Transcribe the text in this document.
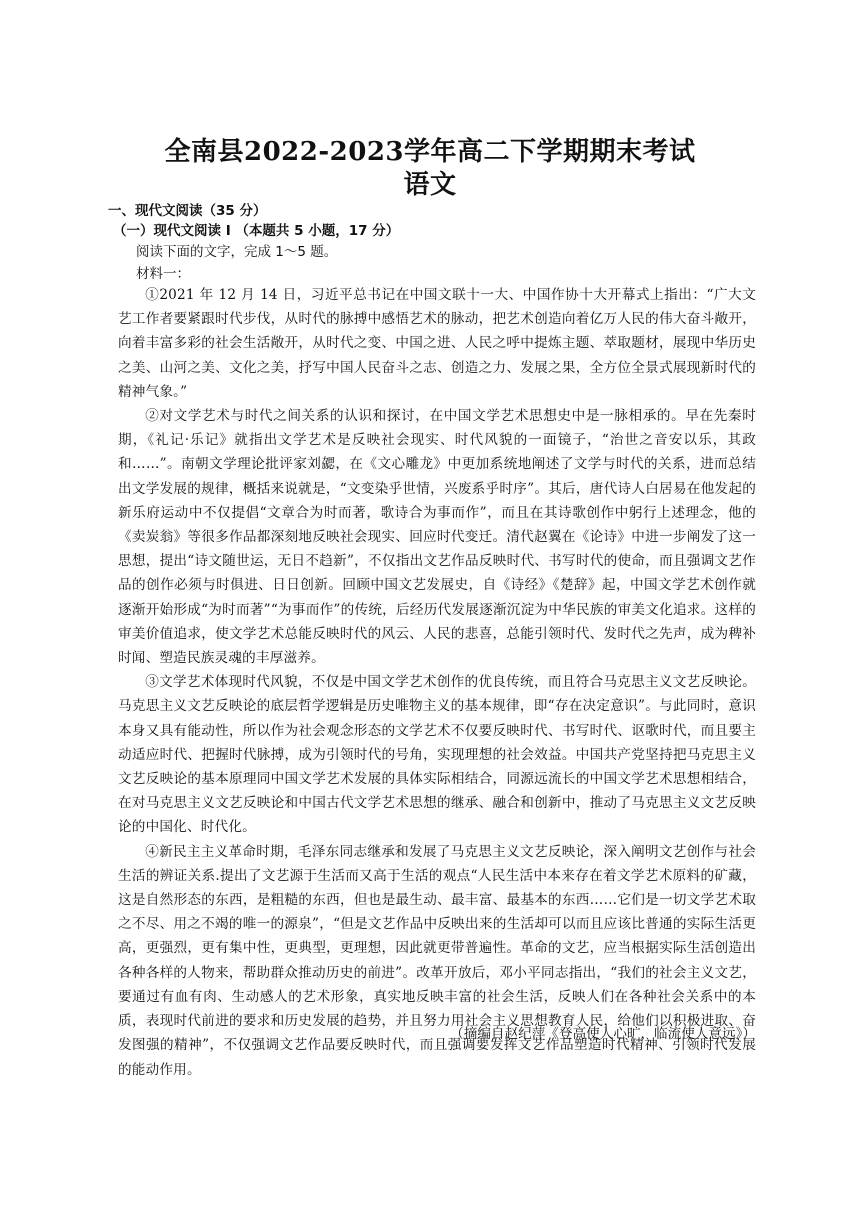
全南县2022-2023学年高二下学期期末考试
语文
一、现代文阅读（35 分）
（一）现代文阅读 I （本题共 5 小题，17 分）
阅读下面的文字，完成 1～5 题。
材料一：

①2021 年 12 月 14 日，习近平总书记在中国文联十一大、中国作协十大开幕式上指出：“广大文艺工作者要紧跟时代步伐，从时代的脉搏中感悟艺术的脉动，把艺术创造向着亿万人民的伟大奋斗敞开，向着丰富多彩的社会生活敞开，从时代之变、中国之进、人民之呼中提炼主题、萃取题材，展现中华历史之美、山河之美、文化之美，抒写中国人民奋斗之志、创造之力、发展之果，全方位全景式展现新时代的精神气象。”

②对文学艺术与时代之间关系的认识和探讨，在中国文学艺术思想史中是一脉相承的。早在先秦时期，《礼记·乐记》就指出文学艺术是反映社会现实、时代风貌的一面镜子，“治世之音安以乐，其政和……”。南朝文学理论批评家刘勰，在《文心雕龙》中更加系统地阐述了文学与时代的关系，进而总结出文学发展的规律，概括来说就是，“文变染乎世情，兴废系乎时序”。其后，唐代诗人白居易在他发起的新乐府运动中不仅提倡“文章合为时而著，歌诗合为事而作”，而且在其诗歌创作中躬行上述理念，他的《卖炭翁》等很多作品都深刻地反映社会现实、回应时代变迁。清代赵翼在《论诗》中进一步阐发了这一思想，提出“诗文随世运，无日不趋新”，不仅指出文艺作品反映时代、书写时代的使命，而且强调文艺作品的创作必须与时俱进、日日创新。回顾中国文艺发展史，自《诗经》《楚辞》起，中国文学艺术创作就逐渐开始形成“为时而著”“为事而作”的传统，后经历代发展逐渐沉淀为中华民族的审美文化追求。这样的审美价值追求，使文学艺术总能反映时代的风云、人民的悲喜，总能引领时代、发时代之先声，成为稗补时闻、塑造民族灵魂的丰厚滋养。

③文学艺术体现时代风貌，不仅是中国文学艺术创作的优良传统，而且符合马克思主义文艺反映论。马克思主义文艺反映论的底层哲学逻辑是历史唯物主义的基本规律，即“存在决定意识”。与此同时，意识本身又具有能动性，所以作为社会观念形态的文学艺术不仅要反映时代、书写时代、讴歌时代，而且要主动适应时代、把握时代脉搏，成为引领时代的号角，实现理想的社会效益。中国共产党坚持把马克思主义文艺反映论的基本原理同中国文学艺术发展的具体实际相结合，同源远流长的中国文学艺术思想相结合，在对马克思主义文艺反映论和中国古代文学艺术思想的继承、融合和创新中，推动了马克思主义文艺反映论的中国化、时代化。

④新民主主义革命时期，毛泽东同志继承和发展了马克思主义文艺反映论，深入阐明文艺创作与社会生活的辨证关系.提出了文艺源于生活而又高于生活的观点“人民生活中本来存在着文学艺术原料的矿藏，这是自然形态的东西，是粗糙的东西，但也是最生动、最丰富、最基本的东西……它们是一切文学艺术取之不尽、用之不竭的唯一的源泉”，“但是文艺作品中反映出来的生活却可以而且应该比普通的实际生活更高，更强烈，更有集中性，更典型，更理想，因此就更带普遍性。革命的文艺，应当根据实际生活创造出各种各样的人物来，帮助群众推动历史的前进”。改革开放后，邓小平同志指出，“我们的社会主义文艺，要通过有血有肉、生动感人的艺术形象，真实地反映丰富的社会生活，反映人们在各种社会关系中的本质，表现时代前进的要求和历史发展的趋势，并且努力用社会主义思想教育人民，给他们以积极进取、奋发图强的精神”，不仅强调文艺作品要反映时代，而且强调要发挥文艺作品塑造时代精神、引领时代发展的能动作用。

（摘编自赵纪萍《登高使人心旷，临流使人意远》）
